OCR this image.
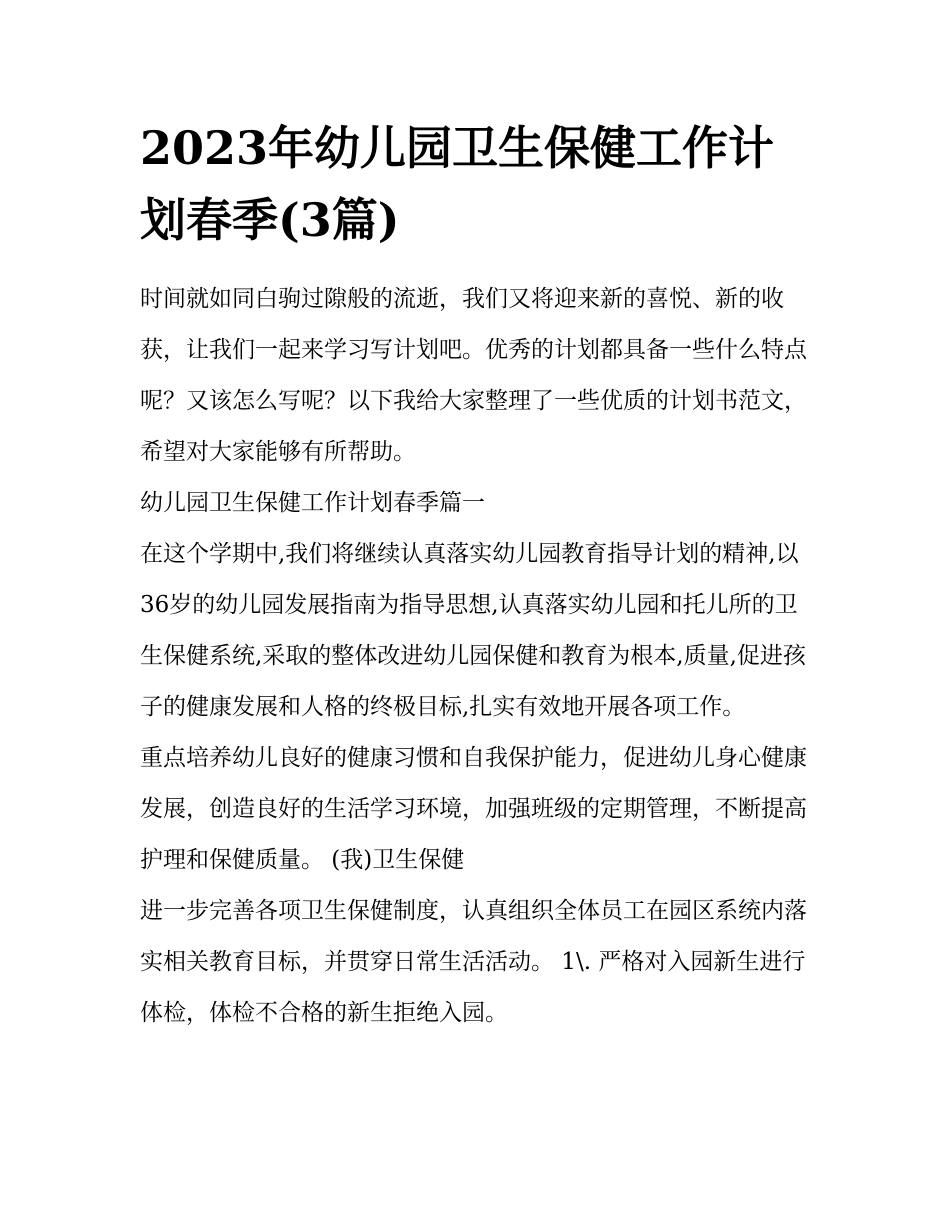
2023年幼儿园卫生保健工作计划春季(3篇)

时间就如同白驹过隙般的流逝，我们又将迎来新的喜悦、新的收获，让我们一起来学习写计划吧。优秀的计划都具备一些什么特点呢？又该怎么写呢？以下我给大家整理了一些优质的计划书范文，希望对大家能够有所帮助。

幼儿园卫生保健工作计划春季篇一

在这个学期中,我们将继续认真落实幼儿园教育指导计划的精神,以36岁的幼儿园发展指南为指导思想,认真落实幼儿园和托儿所的卫生保健系统,采取的整体改进幼儿园保健和教育为根本,质量,促进孩子的健康发展和人格的终极目标,扎实有效地开展各项工作。

重点培养幼儿良好的健康习惯和自我保护能力，促进幼儿身心健康发展，创造良好的生活学习环境，加强班级的定期管理，不断提高护理和保健质量。 (我)卫生保健

进一步完善各项卫生保健制度，认真组织全体员工在园区系统内落实相关教育目标，并贯穿日常生活活动。 1\. 严格对入园新生进行体检，体检不合格的新生拒绝入园。
